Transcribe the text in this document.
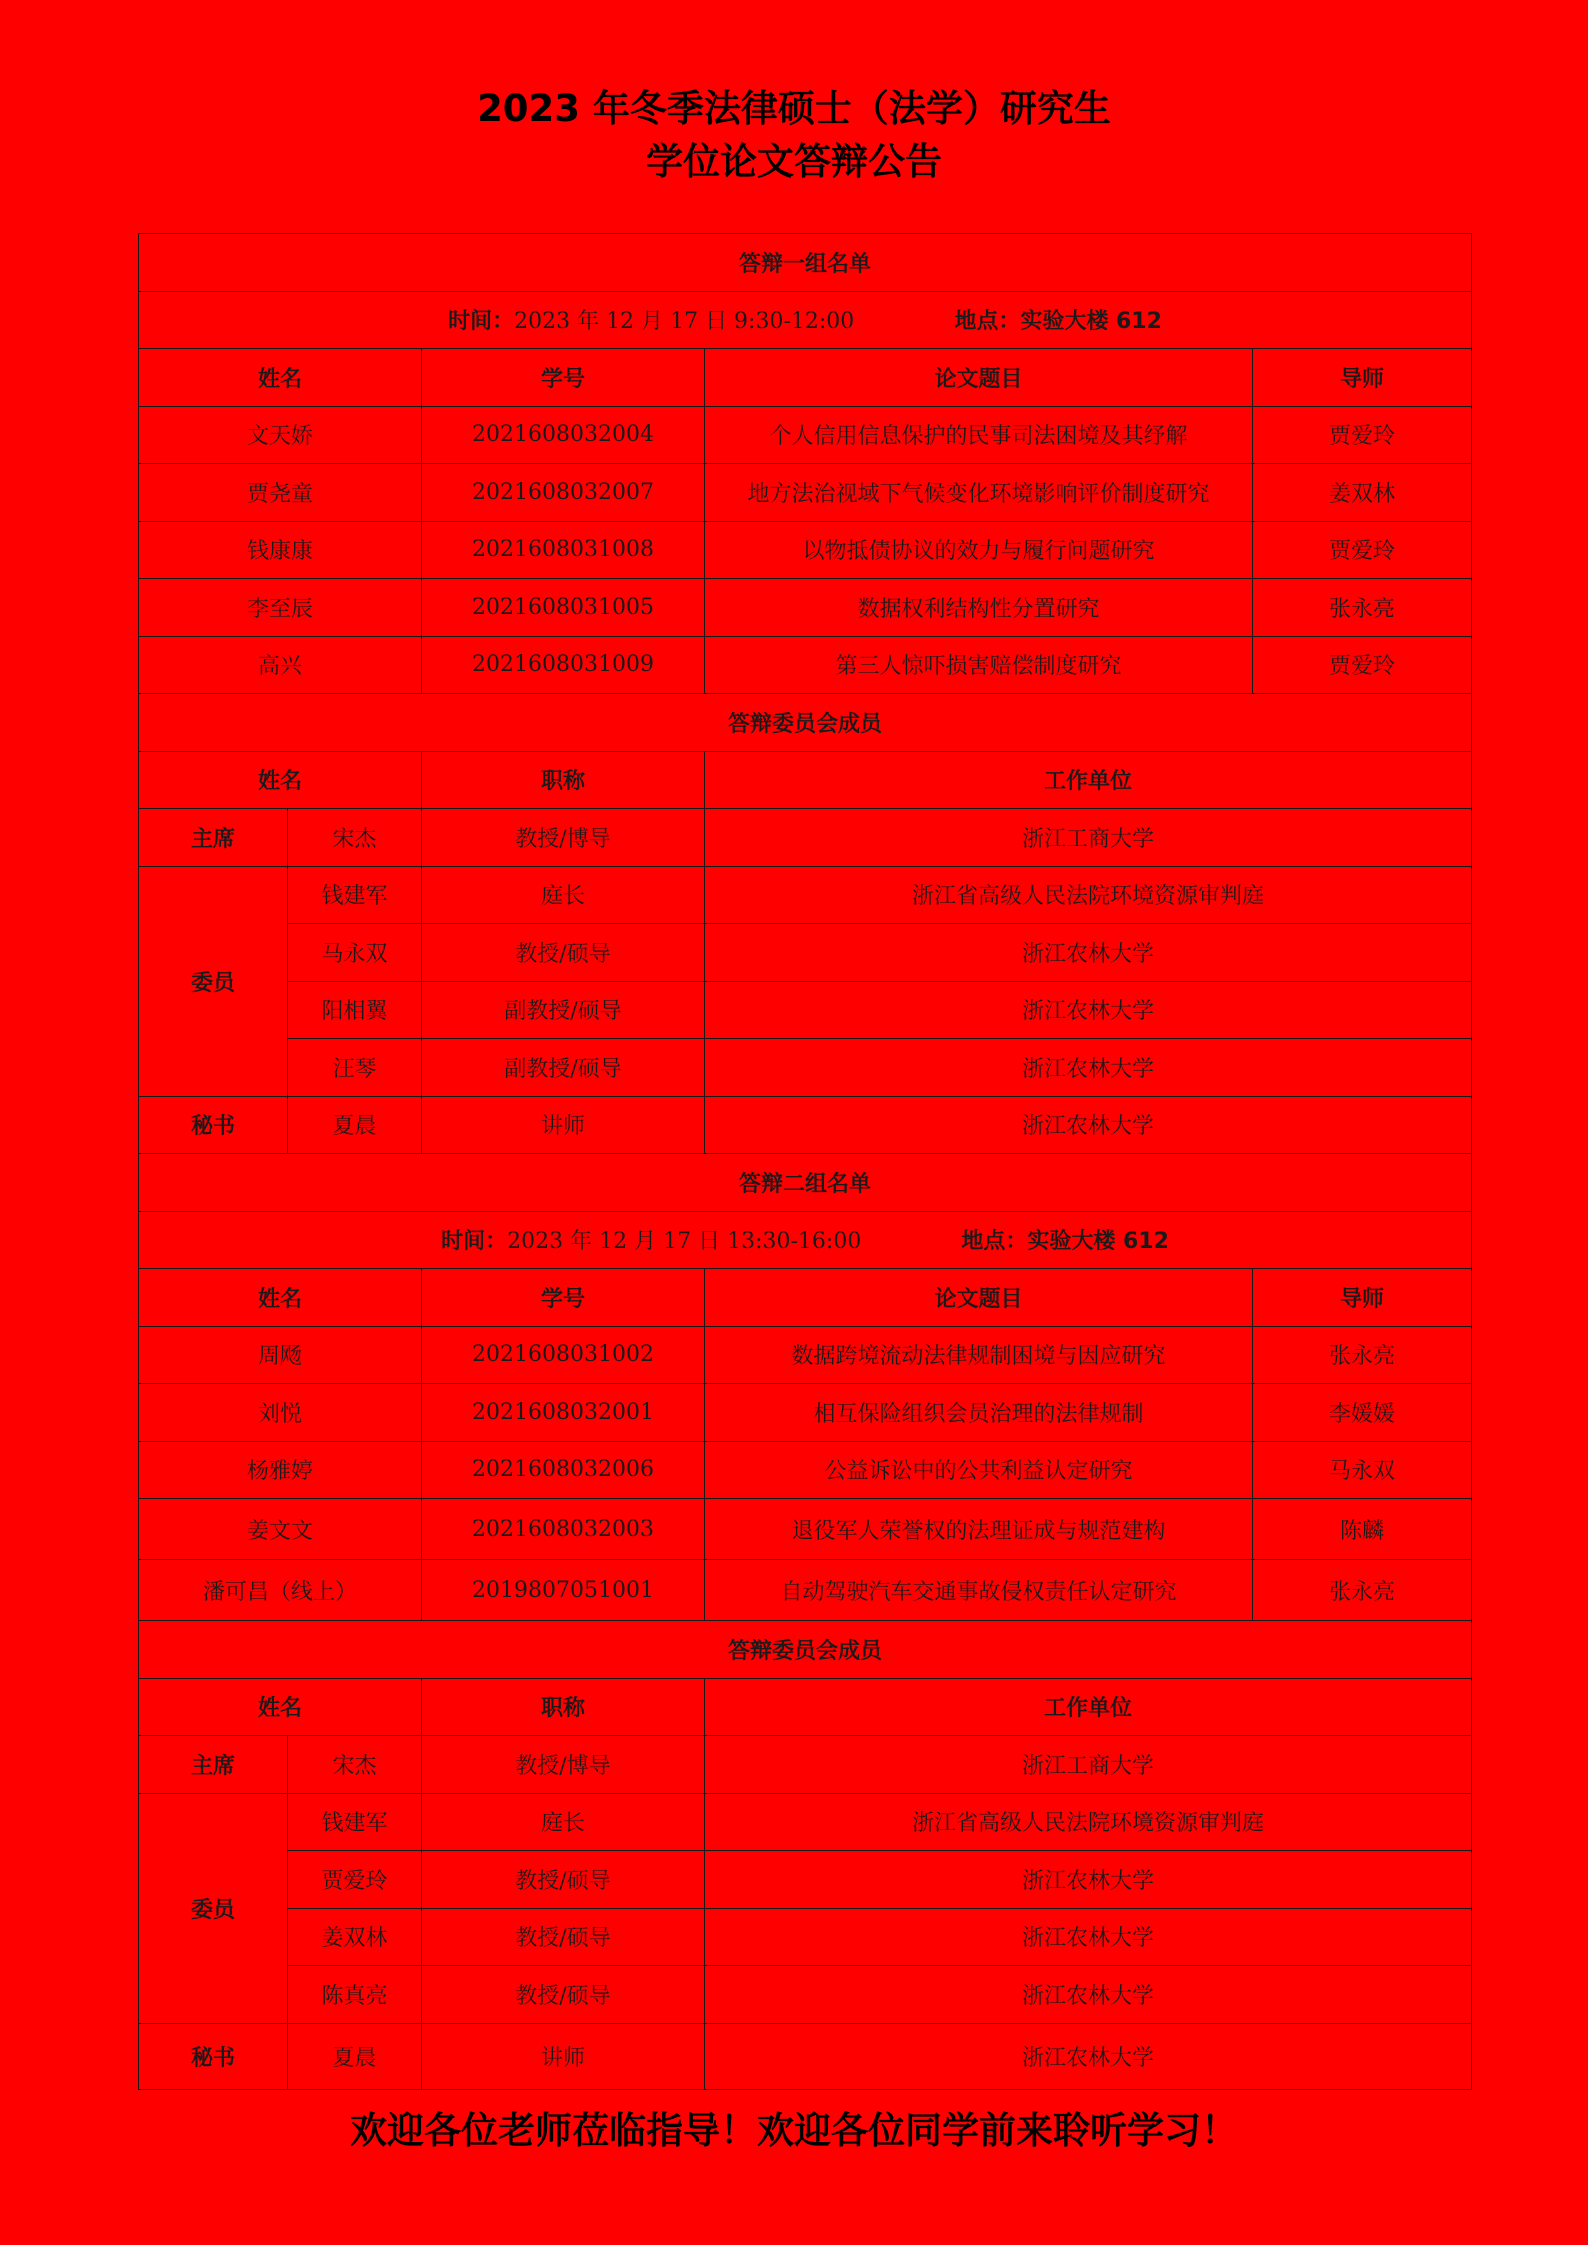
2023 年冬季法律硕士（法学）研究生
学位论文答辩公告
答辩一组名单				
时间：2023 年 12 月 17 日 9:30-12:00 地点：实验大楼 612				
姓名		学号	论文题目	导师
文天娇		2021608032004	个人信用信息保护的民事司法困境及其纾解	贾爱玲
贾尧童		2021608032007	地方法治视域下气候变化环境影响评价制度研究	姜双林
钱康康		2021608031008	以物抵债协议的效力与履行问题研究	贾爱玲
李至辰		2021608031005	数据权利结构性分置研究	张永亮
高兴		2021608031009	第三人惊吓损害赔偿制度研究	贾爱玲
答辩委员会成员				
姓名		职称	工作单位	
主席	宋杰	教授/博导	浙江工商大学	
委员	钱建军	庭长	浙江省高级人民法院环境资源审判庭	
	马永双	教授/硕导	浙江农林大学	
	阳相翼	副教授/硕导	浙江农林大学	
	汪琴	副教授/硕导	浙江农林大学	
秘书	夏晨	讲师	浙江农林大学	
答辩二组名单				
时间：2023 年 12 月 17 日 13:30-16:00 地点：实验大楼 612				
姓名		学号	论文题目	导师
周飏		2021608031002	数据跨境流动法律规制困境与因应研究	张永亮
刘悦		2021608032001	相互保险组织会员治理的法律规制	李媛媛
杨雅婷		2021608032006	公益诉讼中的公共利益认定研究	马永双
姜文文		2021608032003	退役军人荣誉权的法理证成与规范建构	陈麟
潘可昌（线上）		2019807051001	自动驾驶汽车交通事故侵权责任认定研究	张永亮
答辩委员会成员				
姓名		职称	工作单位	
主席	宋杰	教授/博导	浙江工商大学	
委员	钱建军	庭长	浙江省高级人民法院环境资源审判庭	
	贾爱玲	教授/硕导	浙江农林大学	
	姜双林	教授/硕导	浙江农林大学	
	陈真亮	教授/硕导	浙江农林大学	
秘书	夏晨	讲师	浙江农林大学	
欢迎各位老师莅临指导！欢迎各位同学前来聆听学习！
